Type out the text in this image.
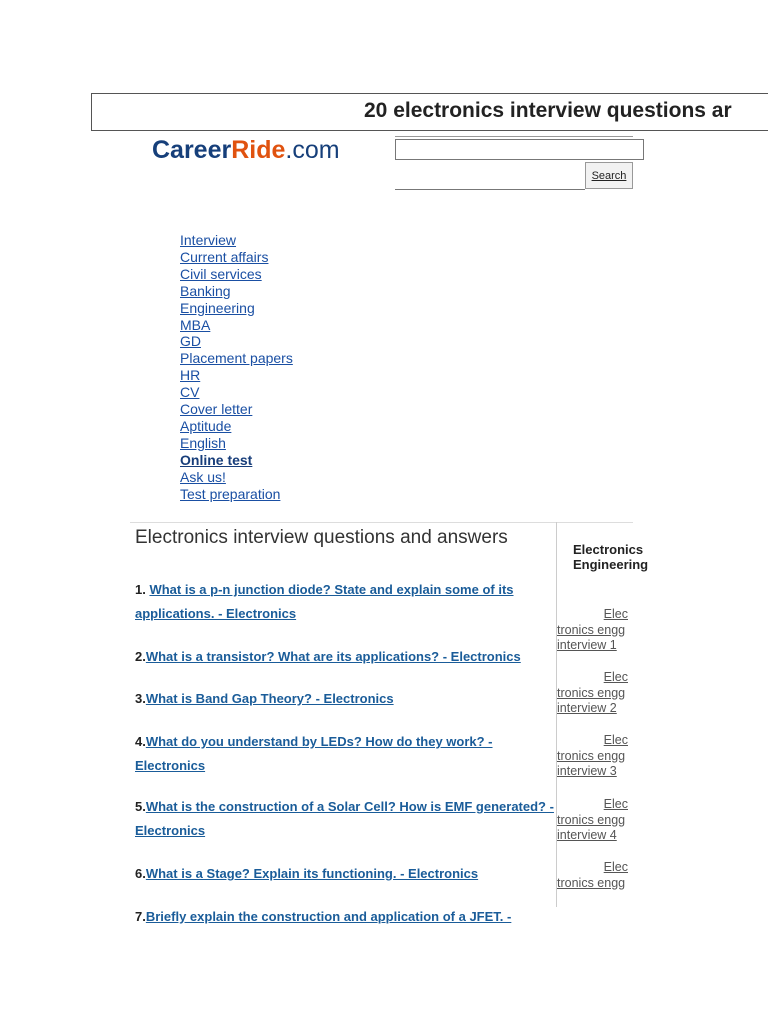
20 electronics interview questions ar
CareerRide.com
Search
Interview
Current affairs
Civil services
Banking
Engineering
MBA
GD
Placement papers
HR
CV
Cover letter
Aptitude
English
Online test
Ask us!
Test preparation
Electronics interview questions and answers

1. What is a p-n junction diode? State and explain some of its applications. - Electronics

2.What is a transistor? What are its applications? - Electronics

3.What is Band Gap Theory? - Electronics

4.What do you understand by LEDs? How do they work? - Electronics

5.What is the construction of a Solar Cell? How is EMF generated? - Electronics

6.What is a Stage? Explain its functioning. - Electronics

7.Briefly explain the construction and application of a JFET. -

Electronics Engineering
Elec
tronics engg interview 1
Elec
tronics engg interview 2
Elec
tronics engg interview 3
Elec
tronics engg interview 4
Elec
tronics engg
